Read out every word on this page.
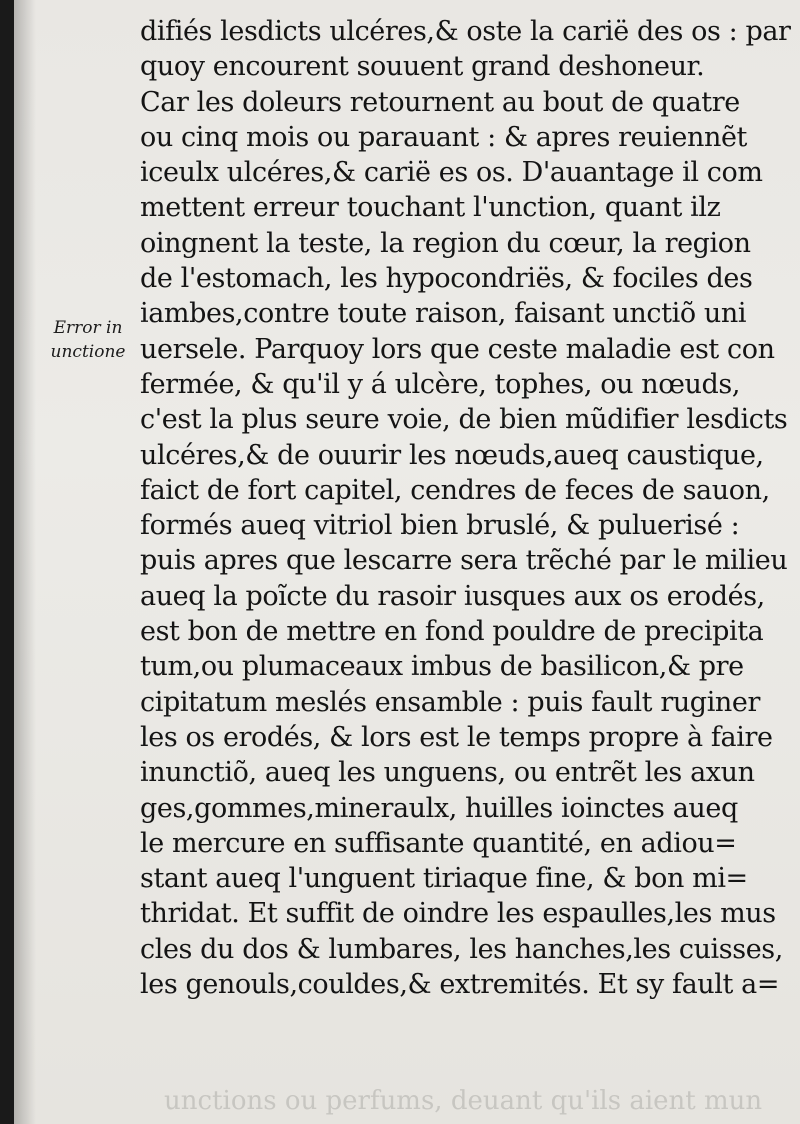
Error in
unctione
difiés lesdicts ulcéres,& oste la carië des os : par
quoy encourent souuent grand deshoneur.
Car les doleurs retournent au bout de quatre
ou cinq mois ou parauant : & apres reuiennẽt
iceulx ulcéres,& carië es os. D'auantage il com
mettent erreur touchant l'unction, quant ilz
oingnent la teste, la region du cœur, la region
de l'estomach, les hypocondriës, & fociles des
iambes,contre toute raison, faisant unctiõ uni
uersele. Parquoy lors que ceste maladie est con
fermée, & qu'il y á ulcère, tophes, ou nœuds,
c'est la plus seure voie, de bien mũdifier lesdicts
ulcéres,& de ouurir les nœuds,aueq caustique,
faict de fort capitel, cendres de feces de sauon,
formés aueq vitriol bien bruslé, & puluerisé :
puis apres que lescarre sera trẽché par le milieu
aueq la poĩcte du rasoir iusques aux os erodés,
est bon de mettre en fond pouldre de precipita
tum,ou plumaceaux imbus de basilicon,& pre
cipitatum meslés ensamble : puis fault ruginer
les os erodés, & lors est le temps propre à faire
inunctiõ, aueq les unguens, ou entrẽt les axun
ges,gommes,mineraulx, huilles ioinctes aueq
le mercure en suffisante quantité, en adiou=
stant aueq l'unguent tiriaque fine, & bon mi=
thridat. Et suffit de oindre les espaulles,les mus
cles du dos & lumbares, les hanches,les cuisses,
les genouls,couldes,& extremités. Et sy fault a=
unctions ou perfums, deuant qu'ils aient mun
